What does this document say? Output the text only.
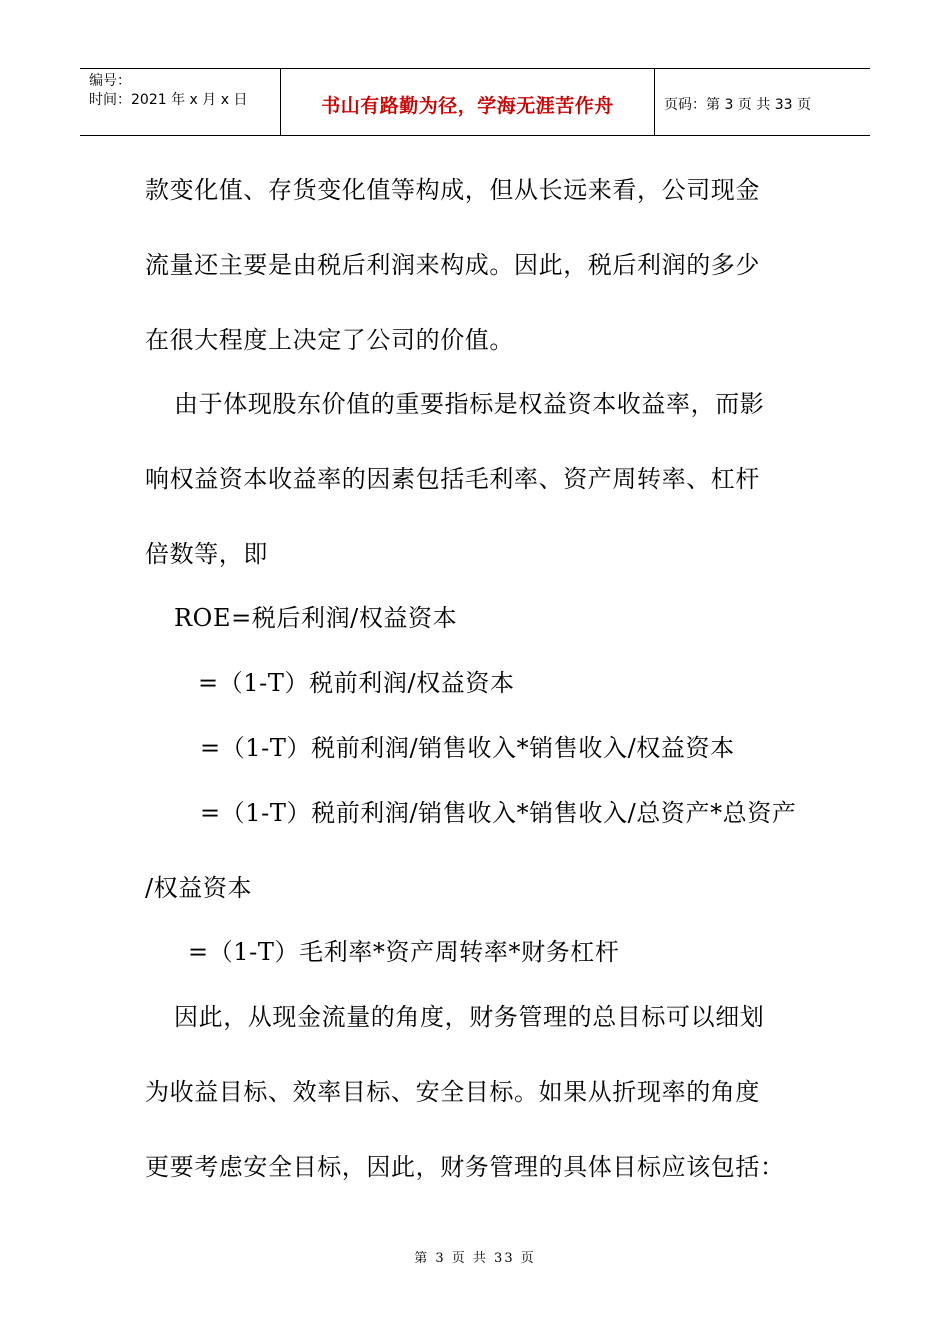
编号：
时间：2021 年 x 月 x 日	书山有路勤为径，学海无涯苦作舟	页码：第 3 页 共 33 页
款变化值、存货变化值等构成，但从长远来看，公司现金
流量还主要是由税后利润来构成。因此，税后利润的多少
在很大程度上决定了公司的价值。
由于体现股东价值的重要指标是权益资本收益率，而影
响权益资本收益率的因素包括毛利率、资产周转率、杠杆
倍数等，即
ROE=税后利润/权益资本
=（1-T）税前利润/权益资本
=（1-T）税前利润/销售收入*销售收入/权益资本
=（1-T）税前利润/销售收入*销售收入/总资产*总资产
/权益资本
=（1-T）毛利率*资产周转率*财务杠杆
因此，从现金流量的角度，财务管理的总目标可以细划
为收益目标、效率目标、安全目标。如果从折现率的角度
更要考虑安全目标，因此，财务管理的具体目标应该包括：
第 3 页 共 33 页
